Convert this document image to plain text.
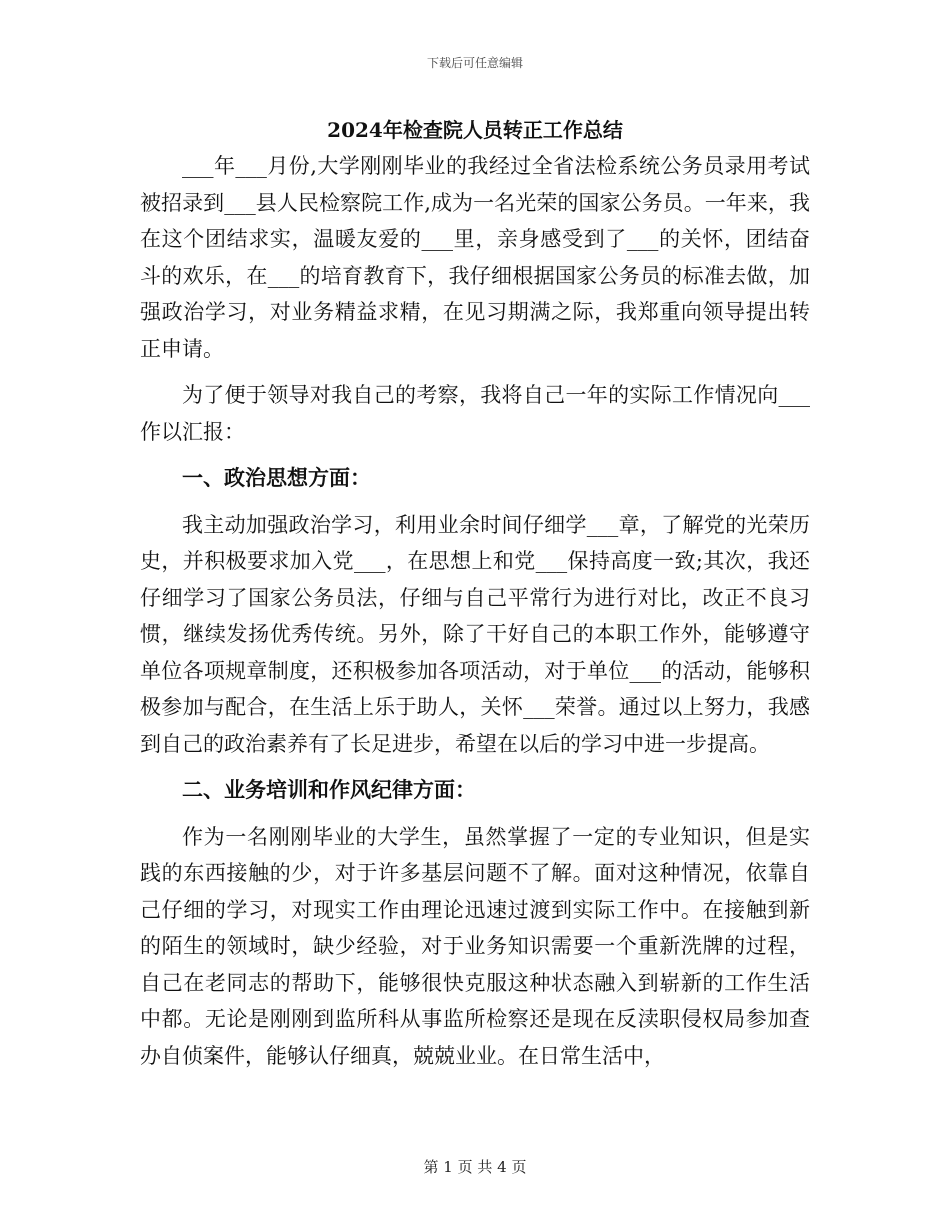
下载后可任意编辑
2024年检查院人员转正工作总结

___年___月份,大学刚刚毕业的我经过全省法检系统公务员录用考试被招录到___县人民检察院工作,成为一名光荣的国家公务员。一年来，我在这个团结求实，温暖友爱的___里，亲身感受到了___的关怀，团结奋斗的欢乐，在___的培育教育下，我仔细根据国家公务员的标准去做，加强政治学习，对业务精益求精，在见习期满之际，我郑重向领导提出转正申请。

为了便于领导对我自己的考察，我将自己一年的实际工作情况向___作以汇报：

一、政治思想方面：

我主动加强政治学习，利用业余时间仔细学___章，了解党的光荣历史，并积极要求加入党___，在思想上和党___保持高度一致;其次，我还仔细学习了国家公务员法，仔细与自己平常行为进行对比，改正不良习惯，继续发扬优秀传统。另外，除了干好自己的本职工作外，能够遵守单位各项规章制度，还积极参加各项活动，对于单位___的活动，能够积极参加与配合，在生活上乐于助人，关怀___荣誉。通过以上努力，我感到自己的政治素养有了长足进步，希望在以后的学习中进一步提高。

二、业务培训和作风纪律方面：

作为一名刚刚毕业的大学生，虽然掌握了一定的专业知识，但是实践的东西接触的少，对于许多基层问题不了解。面对这种情况，依靠自己仔细的学习，对现实工作由理论迅速过渡到实际工作中。在接触到新的陌生的领域时，缺少经验，对于业务知识需要一个重新洗牌的过程，自己在老同志的帮助下，能够很快克服这种状态融入到崭新的工作生活中都。无论是刚刚到监所科从事监所检察还是现在反渎职侵权局参加查办自侦案件，能够认仔细真，兢兢业业。在日常生活中，

第 1 页 共 4 页
